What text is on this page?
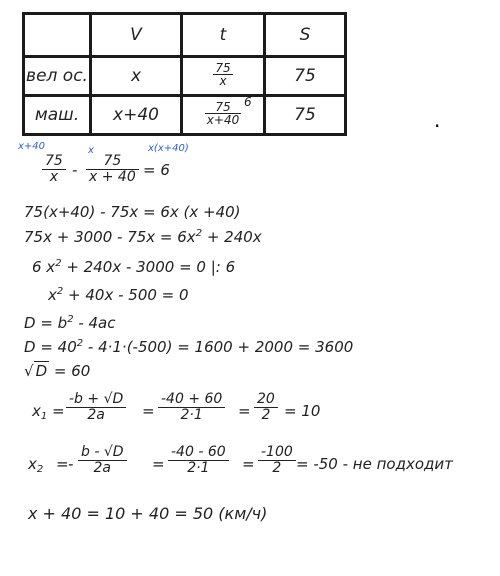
	V	t	S
вел ос.	x	$\frac{75}{x}$	75
маш.	x+40	$\frac{75}{x+40}$	75
6
.
x+40	x	x(x+40)
$\frac{75}{x} - \frac{75}{x + 40} = 6$
75(x+40) - 75x = 6x (x +40)
$75x + 3000 - 75x = 6x^2 + 240x$
6 $x^2 + 240x - 3000 = 0$ |: 6
$x^2 + 40x - 500 = 0$
$D = b^2 - 4ac$
$D = 40^2 - 4\cdot 1\cdot(-500) = 1600 + 2000 = 3600$
√ D = 60
$x_1 = \frac{-b + √D}{2a} = \frac{-40 + 60}{2\cdot 1} = \frac{20}{2} = 10$
$x_2$ = - $\frac{b - √D}{2a} = \frac{-40 - 60}{2\cdot 1} = \frac{-100}{2} = -50$ - не подходит
x + 40 = 10 + 40 = 50 (км/ч)
